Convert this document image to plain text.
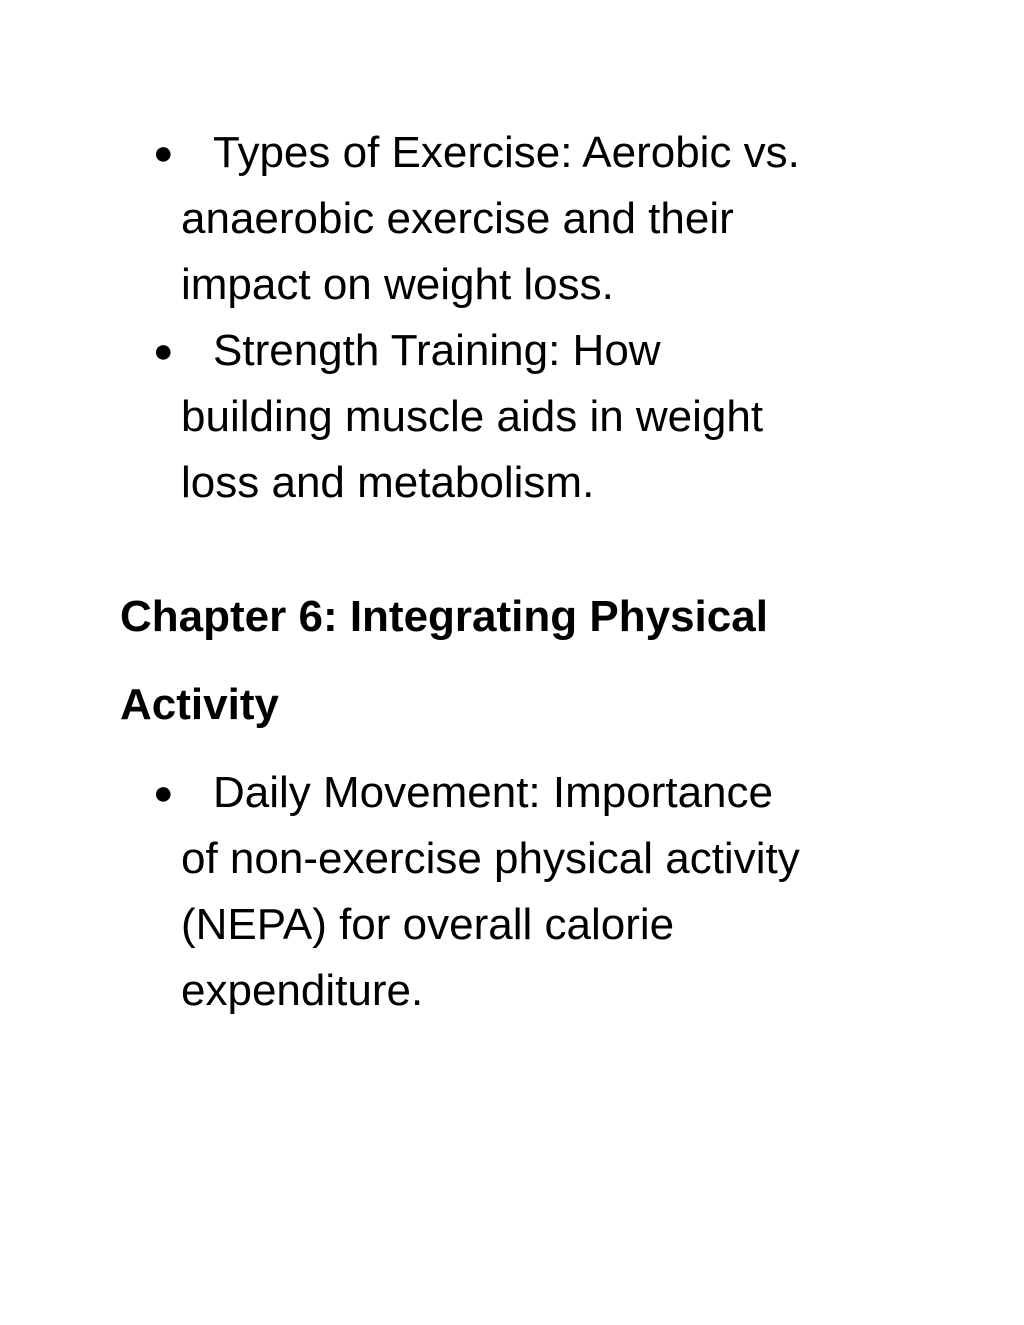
● Types of Exercise: Aerobic vs.
anaerobic exercise and their
impact on weight loss.
● Strength Training: How
building muscle aids in weight
loss and metabolism.
Chapter 6: Integrating Physical
Activity
● Daily Movement: Importance
of non-exercise physical activity
(NEPA) for overall calorie
expenditure.
